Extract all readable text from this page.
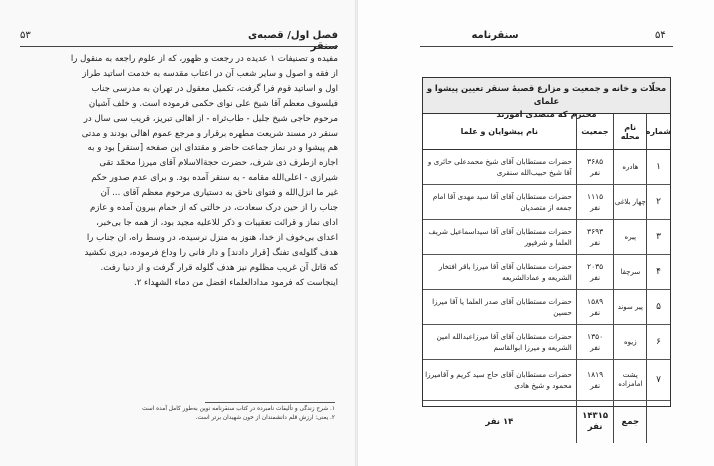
۵۳	فصل اول/ قصبه‌ی
مفیده و تصنیفات ۱ عدیده در رجعت و ظهور، که از علوم راجعه به منقول را
از فقه و اصول و سایر شعب آن در اعتاب مقدسه به خدمت اساتید طراز
اول و اساتید قوم فرا گرفت، تکمیل معقول در تهران به مدرسی جناب
فیلسوف معظم آقا شیخ علی نوای حکمی فرموده است. و خلف آشیان
مرحوم حاجی شیخ جلیل - طاب‌ثراه - از اهالی تبریز، قریب سی سال در
سنقر در مسند شریعت مطهره برقرار و مرجع عموم اهالی بودند و مدتی
هم پیشوا و در نماز جماعت حاضر و مقتدای این صفحه [سنقر] بود و به
اجازه ازطرف ذی شرف، حضرت حجة‌الاسلام آقای میرزا محمّد تقی
شیرازی - اعلی‌الله مقامه - به سنقر آمده بود. و برای عدم صدور حکم
غیر ما انزل‌الله و فتوای ناحق به دستیاری مرحوم معظم آقای ... آن
جناب را از حین درک سعادت، در حالتی که از حمام بیرون آمده و عازم
ادای نماز و قرائت تعقیبات و ذکر للاعلیه مجید بود، از همه جا بی‌خبر،
اعدای بی‌خوف از خدا، هنوز به منزل نرسیده، در وسط راه، ان جناب را
هدف گلوله‌ی تفنگ [قرار دادند] و دار فانی را وداع فرموده، دیری نکشید
که قاتل آن غریب مظلوم نیز هدف گلوله قرار گرفت و از دنیا رفت.
اینجاست که فرمود مداد‌العلماء افضل من دماء الشهداء ۲.
۱. شرح زندگی و تألیفات نامبرده در کتاب سنقرنامه نوین به‌طور کامل آمده است
۲. یعنی: ارزش قلم دانشمندان از خون شهیدان برتر است.
سنقرنامه	۵۴
محلّات و خانه و جمعیت و مزارع قصبهٔ سنقر تعیین پیشوا و علمای
محترم که متصدی امورند
شماره
نام محله
جمعیت
نام پیشوایان و علما
۱
هادره
۳۶۸۵
نفر
حضرات مستطابان آقای شیخ محمدعلی حائری و آقا شیخ حبیب‌الله سنقری
۲
چهار بلاغی
۱۱۱۵
نفر
حضرات مستطابان آقای آقا سید مهدی آقا امام جمعه از متصدیان
۳
پیره
۳۶۹۳
نفر
حضرات مستطابان آقای آقا سیداسماعیل شریف العلما و شرفپور
۴
سرچقا
۲۰۳۵
نفر
حضرات مستطابان آقای آقا میرزا باقر افتخار الشریعه و عمادالشریعه
۵
پیر سوند
۱۵۸۹
نفر
حضرات مستطابان آقای صدر العلما یا آقا میرزا حسین
۶
زیوه
۱۳۵۰
نفر
حضرات مستطابان آقای آقا میرزاعبدالله امین الشریعه و میرزا ابوالقاسم
۷
پشت امامزاده
۱۸۱۹
نفر
حضرات مستطابان آقای حاج سید کریم و آقامیرزا محمود و شیخ هادی
جمع
۱۴۳۱۵
نفر
۱۴ نفر
